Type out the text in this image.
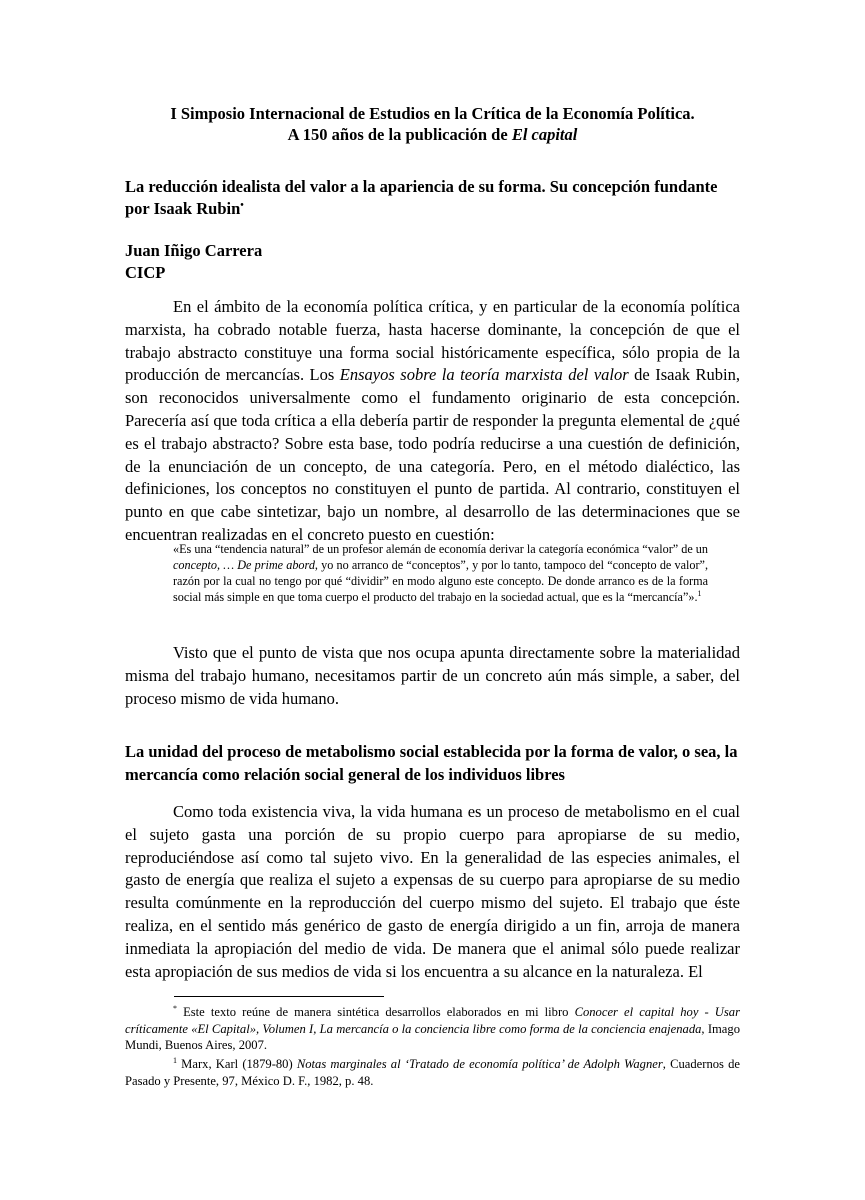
I Simposio Internacional de Estudios en la Crítica de la Economía Política.
A 150 años de la publicación de El capital
La reducción idealista del valor a la apariencia de su forma. Su concepción fundante
por Isaak Rubin•
Juan Iñigo Carrera
CICP

En el ámbito de la economía política crítica, y en particular de la economía política marxista, ha cobrado notable fuerza, hasta hacerse dominante, la concepción de que el trabajo abstracto constituye una forma social históricamente específica, sólo propia de la producción de mercancías. Los Ensayos sobre la teoría marxista del valor de Isaak Rubin, son reconocidos universalmente como el fundamento originario de esta concepción. Parecería así que toda crítica a ella debería partir de responder la pregunta elemental de ¿qué es el trabajo abstracto? Sobre esta base, todo podría reducirse a una cuestión de definición, de la enunciación de un concepto, de una categoría. Pero, en el método dialéctico, las definiciones, los conceptos no constituyen el punto de partida. Al contrario, constituyen el punto en que cabe sintetizar, bajo un nombre, al desarrollo de las determinaciones que se encuentran realizadas en el concreto puesto en cuestión:

«Es una “tendencia natural” de un profesor alemán de economía derivar la categoría económica “valor” de un concepto, … De prime abord, yo no arranco de “conceptos”, y por lo tanto, tampoco del “concepto de valor”, razón por la cual no tengo por qué “dividir” en modo alguno este concepto. De donde arranco es de la forma social más simple en que toma cuerpo el producto del trabajo en la sociedad actual, que es la “mercancía”».$^1$

Visto que el punto de vista que nos ocupa apunta directamente sobre la materialidad misma del trabajo humano, necesitamos partir de un concreto aún más simple, a saber, del proceso mismo de vida humano.

La unidad del proceso de metabolismo social establecida por la forma de valor, o sea, la mercancía como relación social general de los individuos libres

Como toda existencia viva, la vida humana es un proceso de metabolismo en el cual el sujeto gasta una porción de su propio cuerpo para apropiarse de su medio, reproduciéndose así como tal sujeto vivo. En la generalidad de las especies animales, el gasto de energía que realiza el sujeto a expensas de su cuerpo para apropiarse de su medio resulta comúnmente en la reproducción del cuerpo mismo del sujeto. El trabajo que éste realiza, en el sentido más genérico de gasto de energía dirigido a un fin, arroja de manera inmediata la apropiación del medio de vida. De manera que el animal sólo puede realizar esta apropiación de sus medios de vida si los encuentra a su alcance en la naturaleza. El

* Este texto reúne de manera sintética desarrollos elaborados en mi libro Conocer el capital hoy - Usar críticamente «El Capital», Volumen I, La mercancía o la conciencia libre como forma de la conciencia enajenada, Imago Mundi, Buenos Aires, 2007.

$^1$ Marx, Karl (1879-80) Notas marginales al ‘Tratado de economía política’ de Adolph Wagner, Cuadernos de Pasado y Presente, 97, México D. F., 1982, p. 48.
